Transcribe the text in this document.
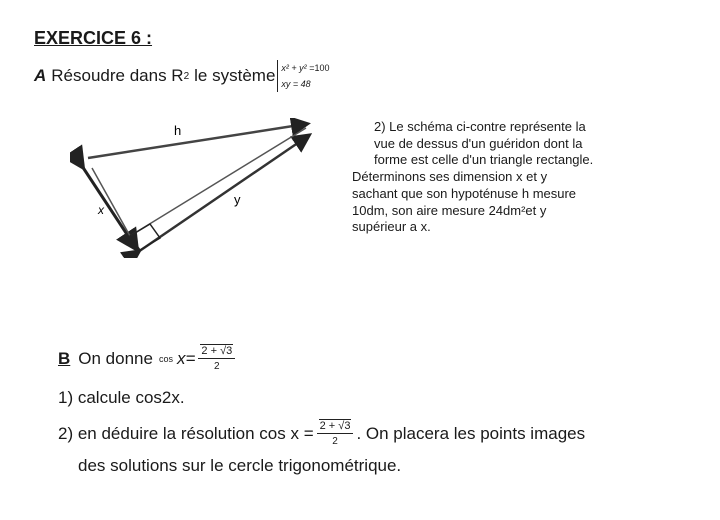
EXERCICE 6 :
A Résoudre dans R 2 le système x² + y² =100
xy = 48
h
x
y
2) Le schéma ci-contre représente la
vue de dessus d'un guéridon dont la
forme est celle d'un triangle rectangle.
Déterminons ses dimension x et y
sachant que son hypoténuse h mesure
10dm, son aire mesure 24dm²et y
supérieur a x.
B On donne $\cos x= \frac{2 + √3}{2}$
1) calcule cos2x.
2) en déduire la résolution $\cos x = \frac{2 + √3}{2}$ . On placera les points images
des solutions sur le cercle trigonométrique.
